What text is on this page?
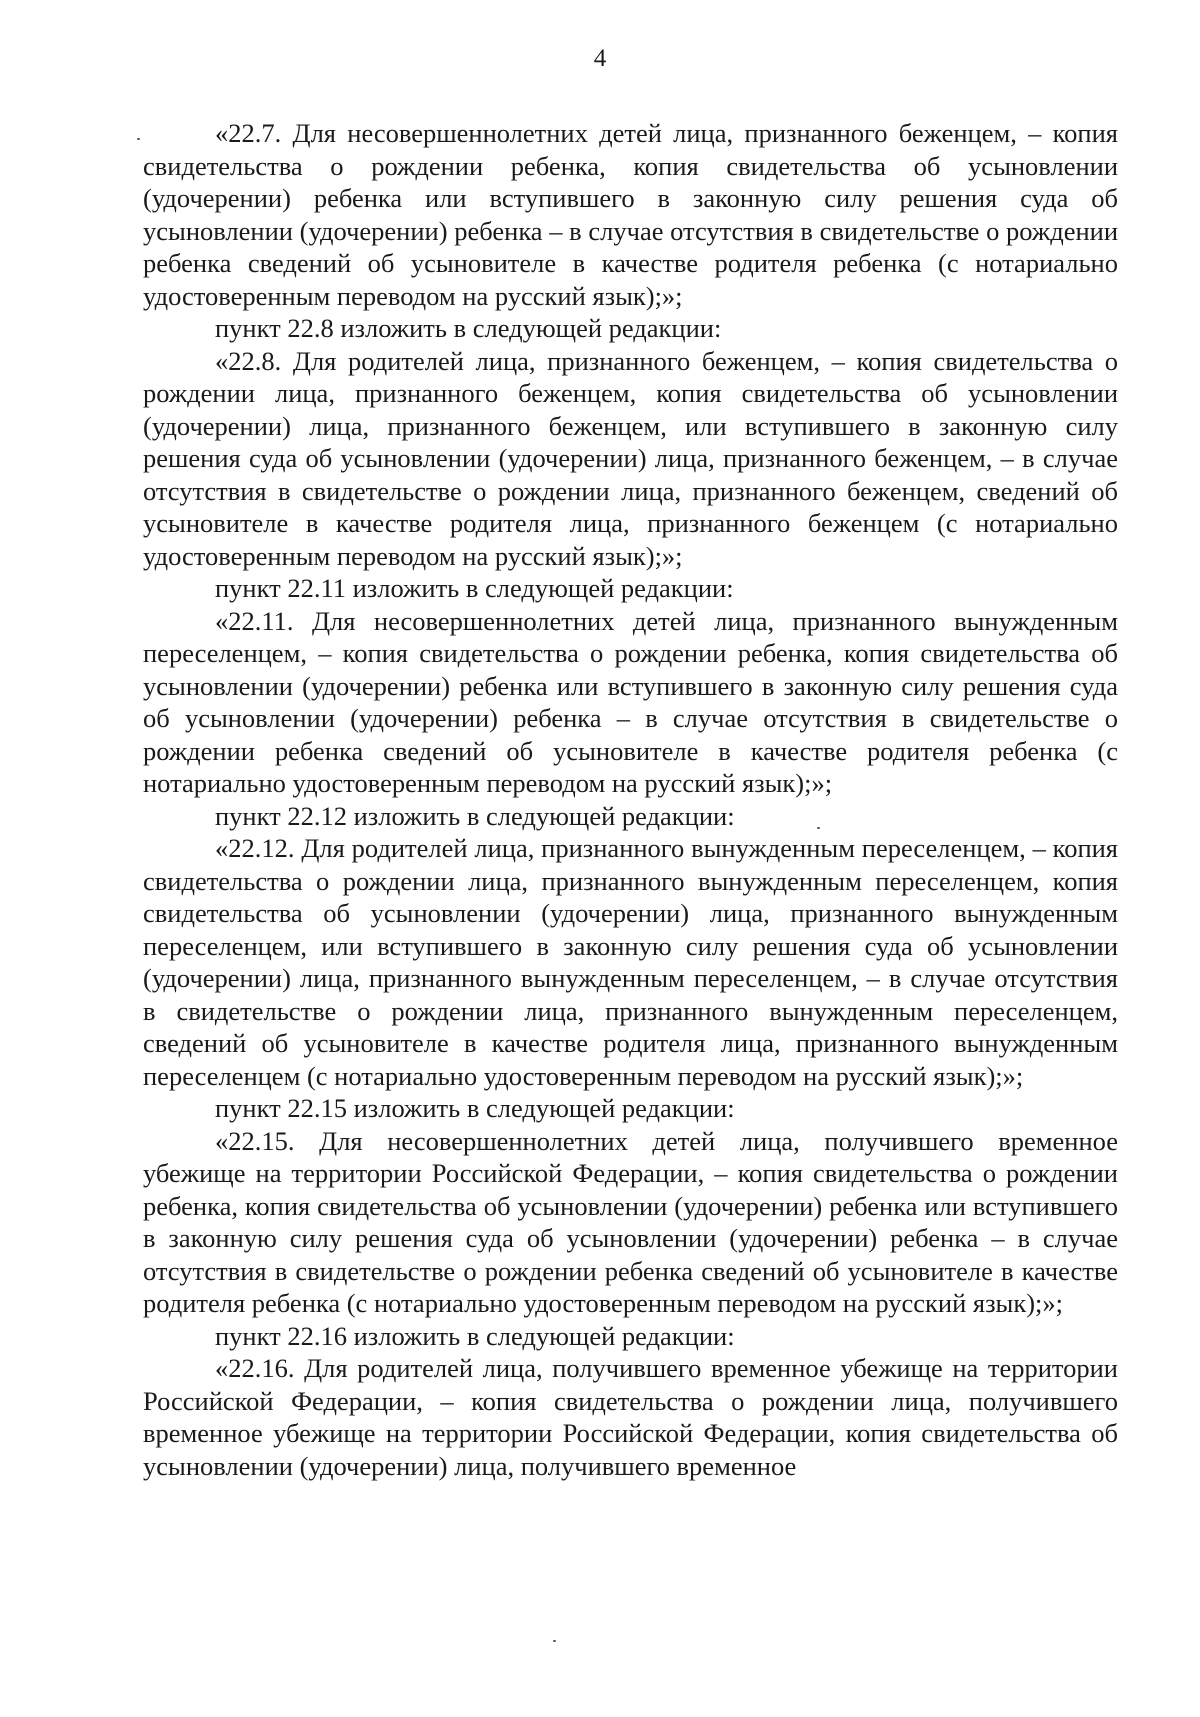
4

«22.7. Для несовершеннолетних детей лица, признанного беженцем, – копия свидетельства о рождении ребенка, копия свидетельства об усыновлении (удочерении) ребенка или вступившего в законную силу решения суда об усыновлении (удочерении) ребенка – в случае отсутствия в свидетельстве о рождении ребенка сведений об усыновителе в качестве родителя ребенка (с нотариально удостоверенным переводом на русский язык);»;

пункт 22.8 изложить в следующей редакции:

«22.8. Для родителей лица, признанного беженцем, – копия свидетельства о рождении лица, признанного беженцем, копия свидетельства об усыновлении (удочерении) лица, признанного беженцем, или вступившего в законную силу решения суда об усыновлении (удочерении) лица, признанного беженцем, – в случае отсутствия в свидетельстве о рождении лица, признанного беженцем, сведений об усыновителе в качестве родителя лица, признанного беженцем (с нотариально удостоверенным переводом на русский язык);»;

пункт 22.11 изложить в следующей редакции:

«22.11. Для несовершеннолетних детей лица, признанного вынужденным переселенцем, – копия свидетельства о рождении ребенка, копия свидетельства об усыновлении (удочерении) ребенка или вступившего в законную силу решения суда об усыновлении (удочерении) ребенка – в случае отсутствия в свидетельстве о рождении ребенка сведений об усыновителе в качестве родителя ребенка (с нотариально удостоверенным переводом на русский язык);»;

пункт 22.12 изложить в следующей редакции:

«22.12. Для родителей лица, признанного вынужденным переселенцем, – копия свидетельства о рождении лица, признанного вынужденным переселенцем, копия свидетельства об усыновлении (удочерении) лица, признанного вынужденным переселенцем, или вступившего в законную силу решения суда об усыновлении (удочерении) лица, признанного вынужденным переселенцем, – в случае отсутствия в свидетельстве о рождении лица, признанного вынужденным переселенцем, сведений об усыновителе в качестве родителя лица, признанного вынужденным переселенцем (с нотариально удостоверенным переводом на русский язык);»;

пункт 22.15 изложить в следующей редакции:

«22.15. Для несовершеннолетних детей лица, получившего временное убежище на территории Российской Федерации, – копия свидетельства о рождении ребенка, копия свидетельства об усыновлении (удочерении) ребенка или вступившего в законную силу решения суда об усыновлении (удочерении) ребенка – в случае отсутствия в свидетельстве о рождении ребенка сведений об усыновителе в качестве родителя ребенка (с нотариально удостоверенным переводом на русский язык);»;

пункт 22.16 изложить в следующей редакции:

«22.16. Для родителей лица, получившего временное убежище на территории Российской Федерации, – копия свидетельства о рождении лица, получившего временное убежище на территории Российской Федерации, копия свидетельства об усыновлении (удочерении) лица, получившего временное
